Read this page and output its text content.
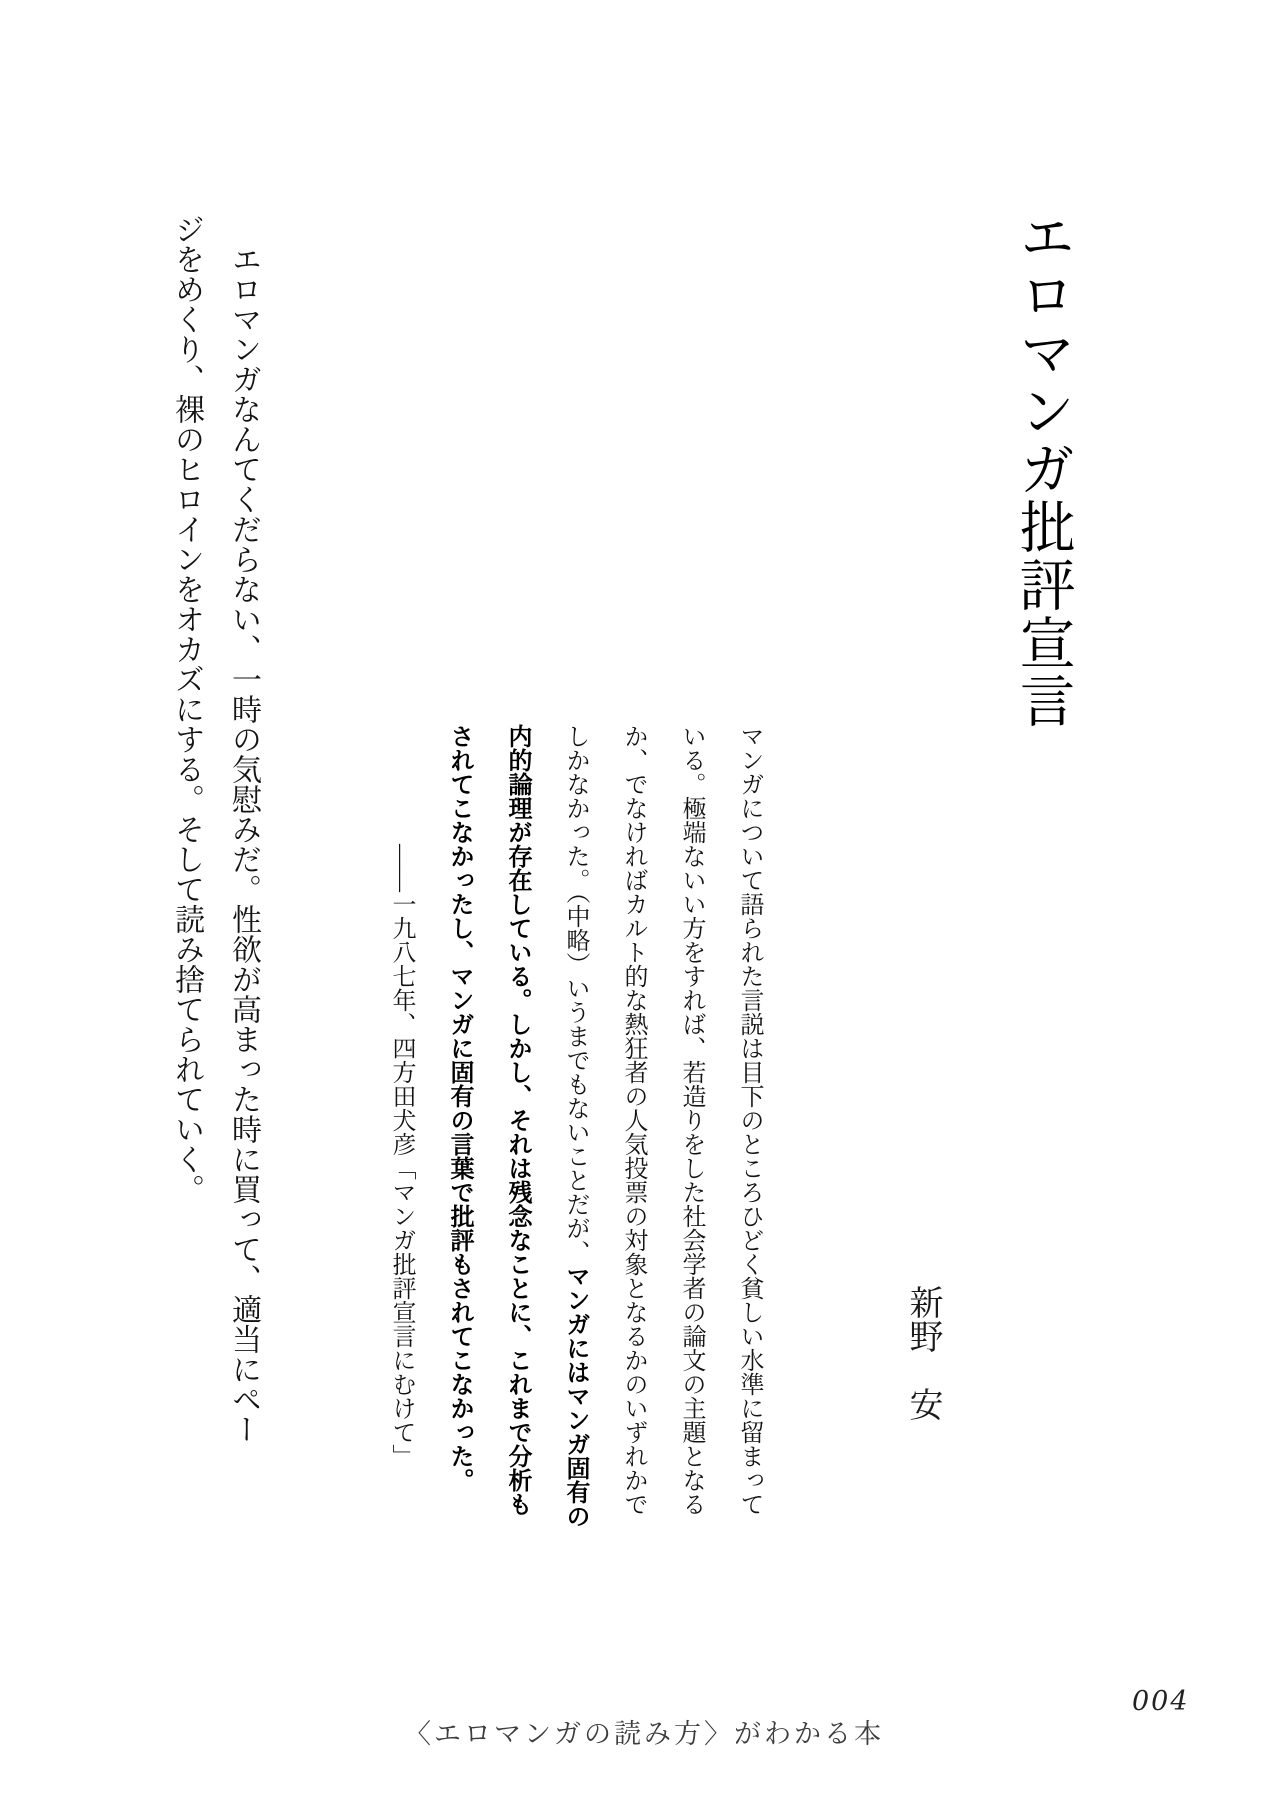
エロマンガ批評宣言
新野　安
マンガについて語られた言説は目下のところひどく貧しい水準に留まって
いる。極端ないい方をすれば、若造りをした社会学者の論文の主題となる
か、でなければカルト的な熱狂者の人気投票の対象となるかのいずれかで
しかなかった。（中略）いうまでもないことだが、マンガにはマンガ固有の
内的論理が存在している。しかし、それは残念なことに、これまで分析も
されてこなかったし、マンガに固有の言葉で批評もされてこなかった。
——一九八七年、四方田犬彦「マンガ批評宣言にむけて」
エロマンガなんてくだらない、一時の気慰みだ。性欲が高まった時に買って、適当にペー
ジをめくり、裸のヒロインをオカズにする。そして読み捨てられていく。
〈エロマンガの読み方〉がわかる本
004
